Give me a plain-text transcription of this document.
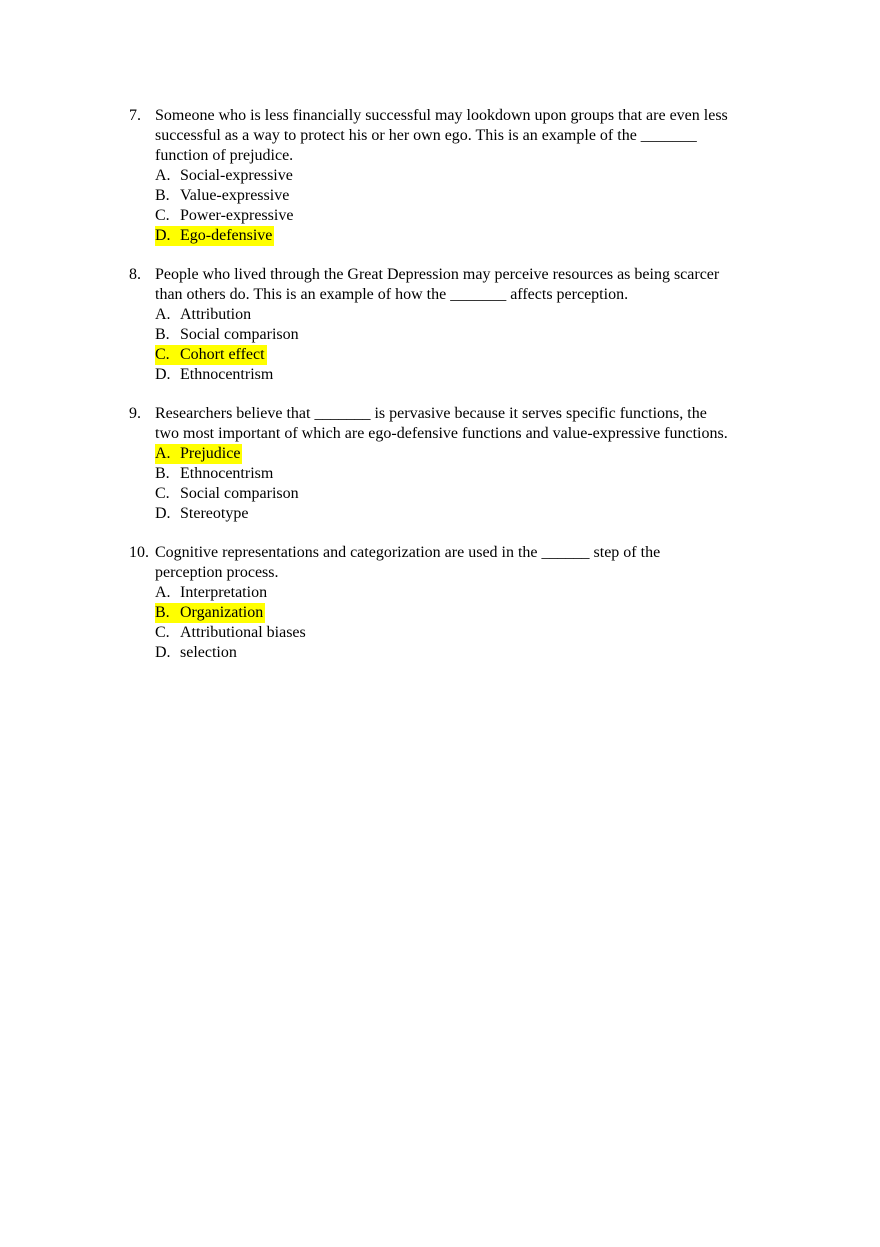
7. Someone who is less financially successful may lookdown upon groups that are even less
successful as a way to protect his or her own ego. This is an example of the _______
function of prejudice.
A. Social-expressive
B. Value-expressive
C. Power-expressive
D. Ego-defensive
8. People who lived through the Great Depression may perceive resources as being scarcer
than others do. This is an example of how the _______ affects perception.
A. Attribution
B. Social comparison
C. Cohort effect
D. Ethnocentrism
9. Researchers believe that _______ is pervasive because it serves specific functions, the
two most important of which are ego-defensive functions and value-expressive functions.
A. Prejudice
B. Ethnocentrism
C. Social comparison
D. Stereotype
10. Cognitive representations and categorization are used in the ______ step of the
perception process.
A. Interpretation
B. Organization
C. Attributional biases
D. selection
